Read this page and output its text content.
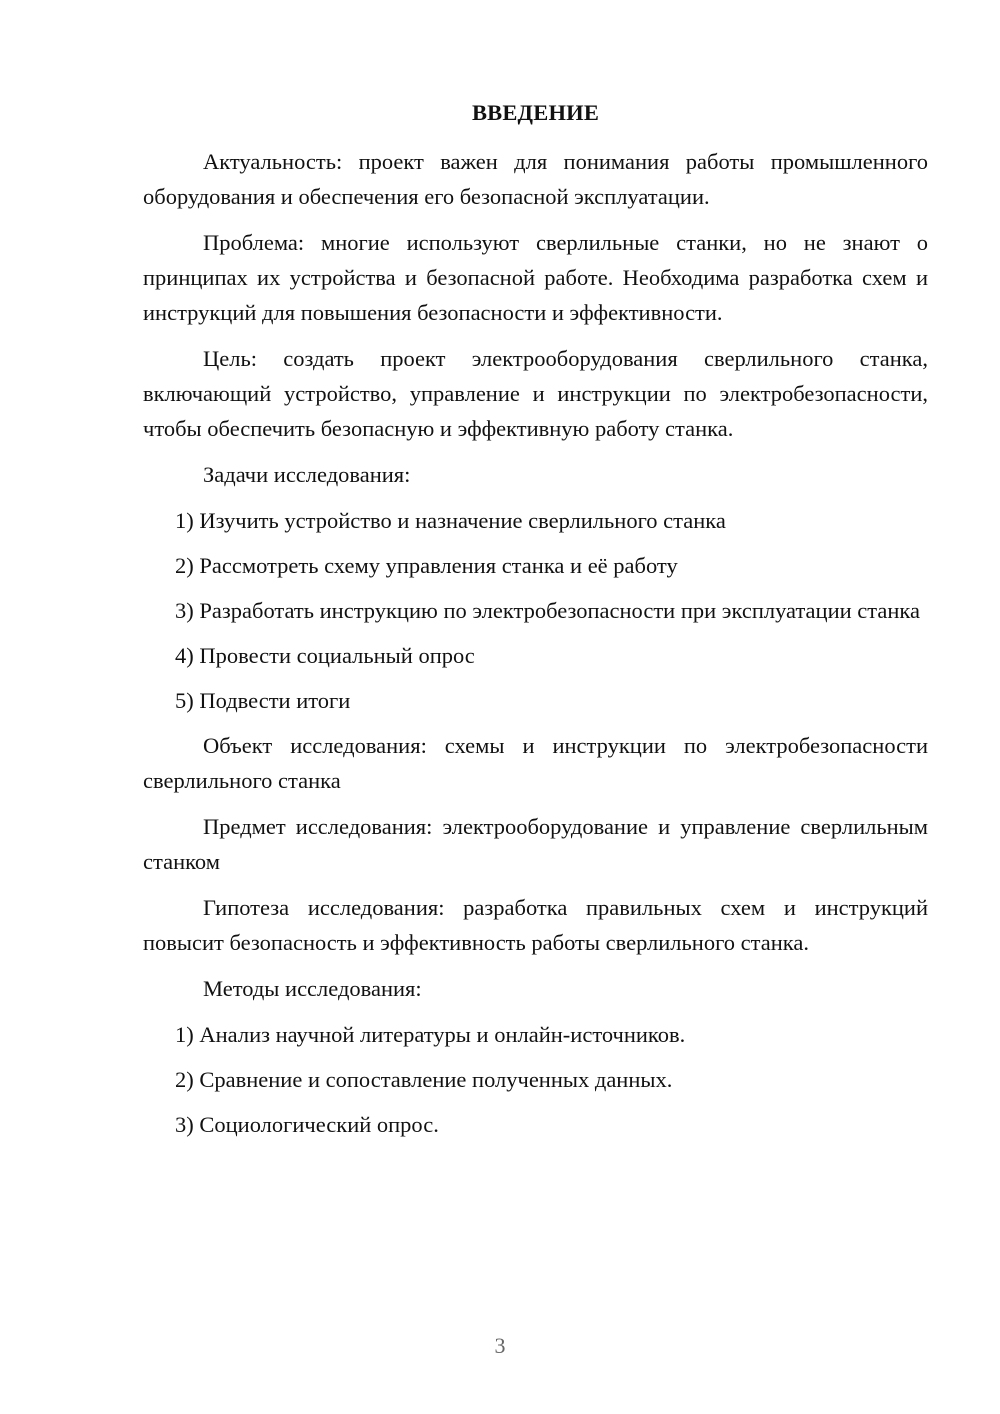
ВВЕДЕНИЕ
Актуальность: проект важен для понимания работы промышленного оборудования и обеспечения его безопасной эксплуатации.
Проблема: многие используют сверлильные станки, но не знают о принципах их устройства и безопасной работе. Необходима разработка схем и инструкций для повышения безопасности и эффективности.
Цель: создать проект электрооборудования сверлильного станка, включающий устройство, управление и инструкции по электробезопасности, чтобы обеспечить безопасную и эффективную работу станка.
Задачи исследования:
1) Изучить устройство и назначение сверлильного станка
2) Рассмотреть схему управления станка и её работу
3) Разработать инструкцию по электробезопасности при эксплуатации станка
4) Провести социальный опрос
5) Подвести итоги
Объект исследования: схемы и инструкции по электробезопасности сверлильного станка
Предмет исследования: электрооборудование и управление сверлильным станком
Гипотеза исследования: разработка правильных схем и инструкций повысит безопасность и эффективность работы сверлильного станка.
Методы исследования:
1) Анализ научной литературы и онлайн-источников.
2) Сравнение и сопоставление полученных данных.
3) Социологический опрос.
3
